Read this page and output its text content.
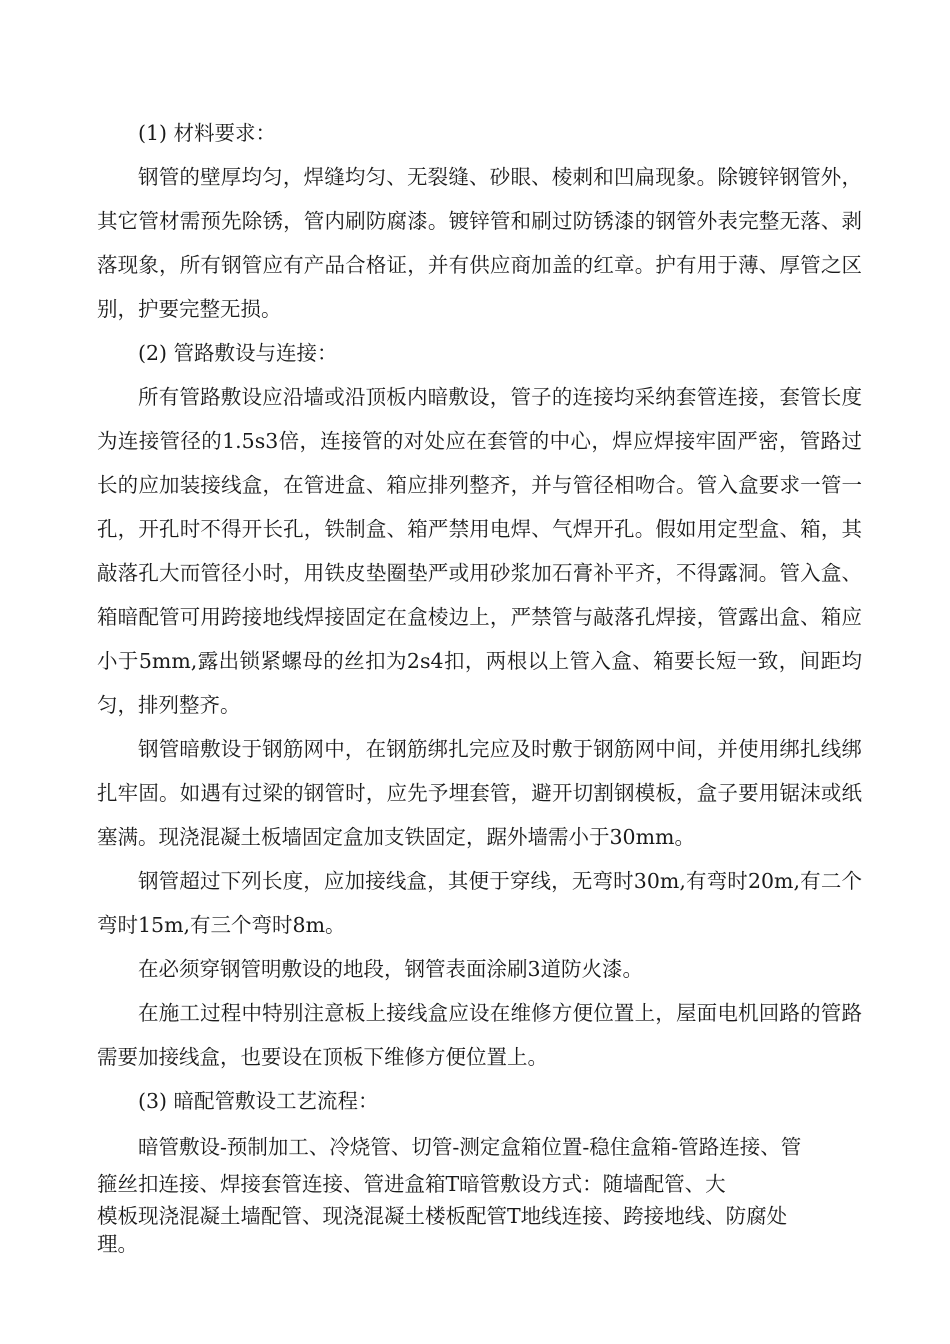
(1) 材料要求：

钢管的壁厚均匀，焊缝均匀、无裂缝、砂眼、棱刺和凹扁现象。除镀锌钢管外，其它管材需预先除锈，管内刷防腐漆。镀锌管和刷过防锈漆的钢管外表完整无落、剥落现象，所有钢管应有产品合格证，并有供应商加盖的红章。护有用于薄、厚管之区别，护要完整无损。

(2) 管路敷设与连接：

所有管路敷设应沿墙或沿顶板内暗敷设，管子的连接均采纳套管连接，套管长度为连接管径的1.5s3倍，连接管的对处应在套管的中心，焊应焊接牢固严密，管路过长的应加装接线盒，在管进盒、箱应排列整齐，并与管径相吻合。管入盒要求一管一孔，开孔时不得开长孔，铁制盒、箱严禁用电焊、气焊开孔。假如用定型盒、箱，其敲落孔大而管径小时，用铁皮垫圈垫严或用砂浆加石膏补平齐，不得露洞。管入盒、箱暗配管可用跨接地线焊接固定在盒棱边上，严禁管与敲落孔焊接，管露出盒、箱应小于5mm,露出锁紧螺母的丝扣为2s4扣，两根以上管入盒、箱要长短一致，间距均匀，排列整齐。

钢管暗敷设于钢筋网中，在钢筋绑扎完应及时敷于钢筋网中间，并使用绑扎线绑扎牢固。如遇有过梁的钢管时，应先予埋套管，避开切割钢模板，盒子要用锯沫或纸塞满。现浇混凝土板墙固定盒加支铁固定，踞外墙需小于30mm。

钢管超过下列长度，应加接线盒，其便于穿线，无弯时30m,有弯时20m,有二个弯时15m,有三个弯时8m。

在必须穿钢管明敷设的地段，钢管表面涂刷3道防火漆。

在施工过程中特别注意板上接线盒应设在维修方便位置上，屋面电机回路的管路需要加接线盒，也要设在顶板下维修方便位置上。

(3) 暗配管敷设工艺流程：

暗管敷设-预制加工、冷烧管、切管-测定盒箱位置-稳住盒箱-管路连接、管
箍丝扣连接、焊接套管连接、管进盒箱T暗管敷设方式：随墙配管、大
模板现浇混凝土墙配管、现浇混凝土楼板配管T地线连接、跨接地线、防腐处
理。
